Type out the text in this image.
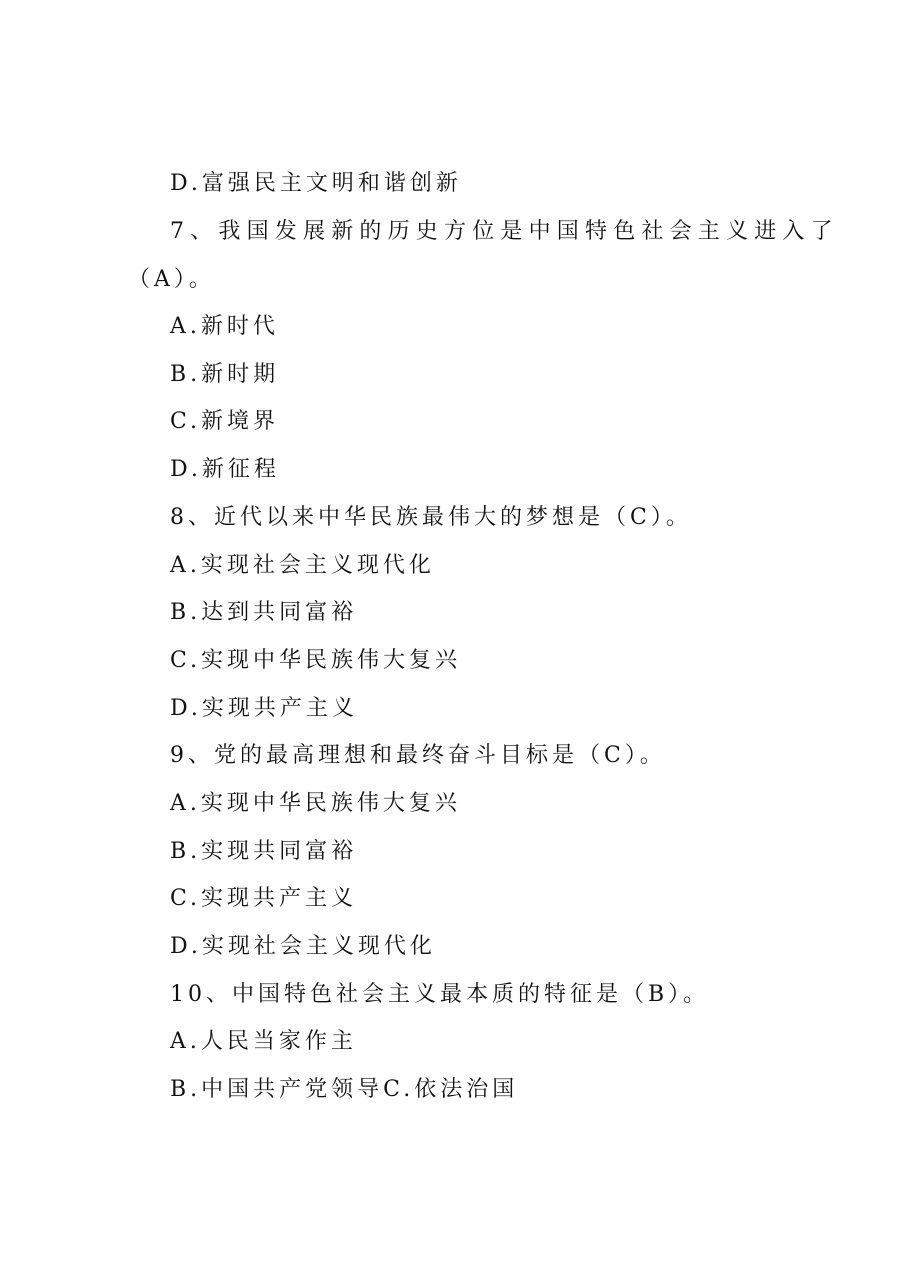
D.富强民主文明和谐创新
7、我国发展新的历史方位是中国特色社会主义进入了
（A）。
A.新时代
B.新时期
C.新境界
D.新征程
8、近代以来中华民族最伟大的梦想是（C）。
A.实现社会主义现代化
B.达到共同富裕
C.实现中华民族伟大复兴
D.实现共产主义
9、党的最高理想和最终奋斗目标是（C）。
A.实现中华民族伟大复兴
B.实现共同富裕
C.实现共产主义
D.实现社会主义现代化
10、中国特色社会主义最本质的特征是（B）。
A.人民当家作主
B.中国共产党领导C.依法治国
